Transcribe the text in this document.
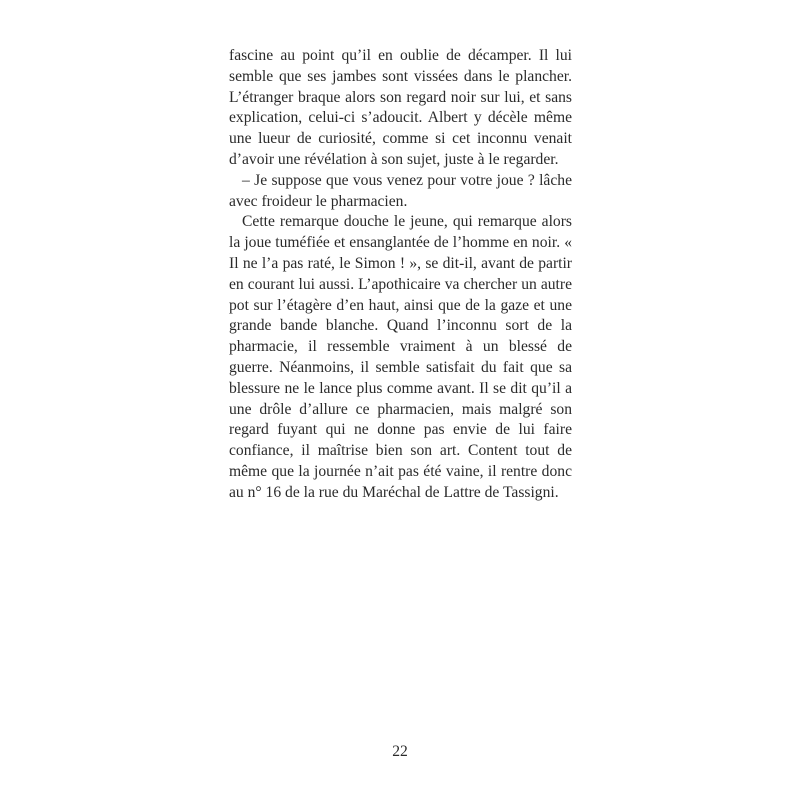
fascine au point qu’il en oublie de décamper. Il lui semble que ses jambes sont vissées dans le plancher. L’étranger braque alors son regard noir sur lui, et sans explication, celui-ci s’adoucit. Albert y décèle même une lueur de curiosité, comme si cet inconnu venait d’avoir une révélation à son sujet, juste à le regarder.

– Je suppose que vous venez pour votre joue ? lâche avec froideur le pharmacien.

Cette remarque douche le jeune, qui remarque alors la joue tuméfiée et ensanglantée de l’homme en noir. « Il ne l’a pas raté, le Simon ! », se dit-il, avant de partir en courant lui aussi. L’apothicaire va chercher un autre pot sur l’étagère d’en haut, ainsi que de la gaze et une grande bande blanche. Quand l’inconnu sort de la pharmacie, il ressemble vraiment à un blessé de guerre. Néanmoins, il semble satisfait du fait que sa blessure ne le lance plus comme avant. Il se dit qu’il a une drôle d’allure ce pharmacien, mais malgré son regard fuyant qui ne donne pas envie de lui faire confiance, il maîtrise bien son art. Content tout de même que la journée n’ait pas été vaine, il rentre donc au n° 16 de la rue du Maréchal de Lattre de Tassigni.

22
